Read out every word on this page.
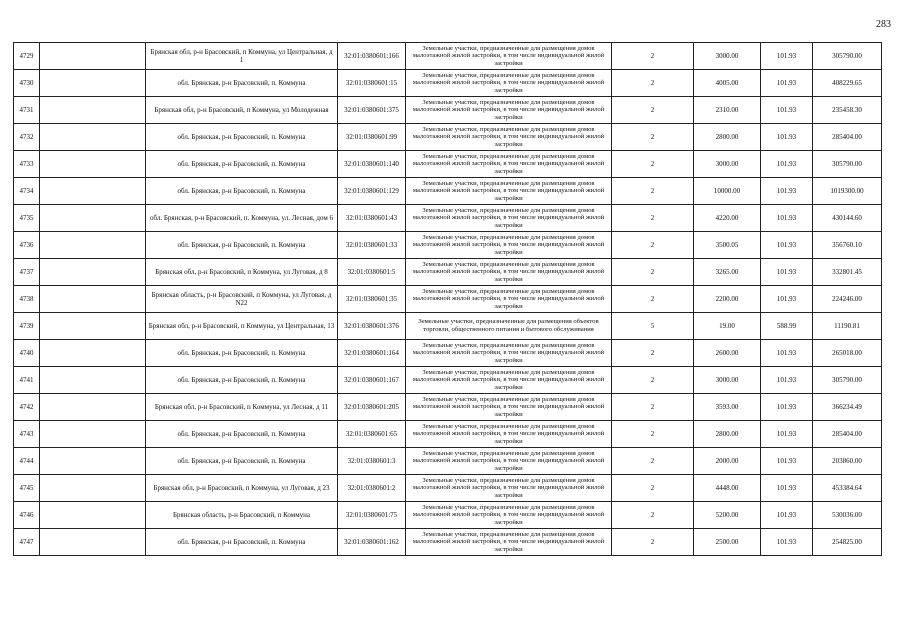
283
4729		Брянская обл, р-н Брасовский, п Коммуна, ул Центральная, д 1	32:01:0380601:166	Земельные участки, предназначенные для размещения домов малоэтажной жилой застройки, в том числе индивидуальной жилой застройки	2	3000.00	101.93	305790.00
4730		обл. Брянская, р-н Брасовский, п. Коммуна	32:01:0380601:15	Земельные участки, предназначенные для размещения домов малоэтажной жилой застройки, в том числе индивидуальной жилой застройки	2	4005.00	101.93	408229.65
4731		Брянская обл, р-н Брасовский, п Коммуна, ул Молодежная	32:01:0380601:375	Земельные участки, предназначенные для размещения домов малоэтажной жилой застройки, в том числе индивидуальной жилой застройки	2	2310.00	101.93	235458.30
4732		обл. Брянская, р-н Брасовский, п. Коммуна	32:01:0380601:99	Земельные участки, предназначенные для размещения домов малоэтажной жилой застройки, в том числе индивидуальной жилой застройки	2	2800.00	101.93	285404.00
4733		обл. Брянская, р-н Брасовский, п. Коммуна	32:01:0380601:140	Земельные участки, предназначенные для размещения домов малоэтажной жилой застройки, в том числе индивидуальной жилой застройки	2	3000.00	101.93	305790.00
4734		обл. Брянская, р-н Брасовский, п. Коммуна	32:01:0380601:129	Земельные участки, предназначенные для размещения домов малоэтажной жилой застройки, в том числе индивидуальной жилой застройки	2	10000.00	101.93	1019300.00
4735		обл. Брянская, р-н Брасовский, п. Коммуна, ул. Лесная, дом 6	32:01:0380601:43	Земельные участки, предназначенные для размещения домов малоэтажной жилой застройки, в том числе индивидуальной жилой застройки	2	4220.00	101.93	430144.60
4736		обл. Брянская, р-н Брасовский, п. Коммуна	32:01:0380601:33	Земельные участки, предназначенные для размещения домов малоэтажной жилой застройки, в том числе индивидуальной жилой застройки	2	3500.05	101.93	356760.10
4737		Брянская обл, р-н Брасовский, п Коммуна, ул Луговая, д 8	32:01:0380601:5	Земельные участки, предназначенные для размещения домов малоэтажной жилой застройки, в том числе индивидуальной жилой застройки	2	3265.00	101.93	332801.45
4738		Брянская область, р-н Брасовский, п Коммуна, ул Луговая, д N22	32:01:0380601:35	Земельные участки, предназначенные для размещения домов малоэтажной жилой застройки, в том числе индивидуальной жилой застройки	2	2200.00	101.93	224246.00
4739		Брянская обл, р-н Брасовский, п Коммуна, ул Центральная, 13	32:01:0380601:376	Земельные участки, предназначенные для размещения объектов торговли, общественного питания и бытового обслуживания	5	19.00	588.99	11190.81
4740		обл. Брянская, р-н Брасовский, п. Коммуна	32:01:0380601:164	Земельные участки, предназначенные для размещения домов малоэтажной жилой застройки, в том числе индивидуальной жилой застройки	2	2600.00	101.93	265018.00
4741		обл. Брянская, р-н Брасовский, п. Коммуна	32:01:0380601:167	Земельные участки, предназначенные для размещения домов малоэтажной жилой застройки, в том числе индивидуальной жилой застройки	2	3000.00	101.93	305790.00
4742		Брянская обл, р-н Брасовский, п Коммуна, ул Лесная, д 11	32:01:0380601:205	Земельные участки, предназначенные для размещения домов малоэтажной жилой застройки, в том числе индивидуальной жилой застройки	2	3593.00	101.93	366234.49
4743		обл. Брянская, р-н Брасовский, п. Коммуна	32:01:0380601:65	Земельные участки, предназначенные для размещения домов малоэтажной жилой застройки, в том числе индивидуальной жилой застройки	2	2800.00	101.93	285404.00
4744		обл. Брянская, р-н Брасовский, п. Коммуна	32:01:0380601:3	Земельные участки, предназначенные для размещения домов малоэтажной жилой застройки, в том числе индивидуальной жилой застройки	2	2000.00	101.93	203860.00
4745		Брянская обл, р-н Брасовский, п Коммуна, ул Луговая, д 23	32:01:0380601:2	Земельные участки, предназначенные для размещения домов малоэтажной жилой застройки, в том числе индивидуальной жилой застройки	2	4448.00	101.93	453384.64
4746		Брянская область, р-н Брасовский, п Коммуна	32:01:0380601:75	Земельные участки, предназначенные для размещения домов малоэтажной жилой застройки, в том числе индивидуальной жилой застройки	2	5200.00	101.93	530036.00
4747		обл. Брянская, р-н Брасовский, п. Коммуна	32:01:0380601:162	Земельные участки, предназначенные для размещения домов малоэтажной жилой застройки, в том числе индивидуальной жилой застройки	2	2500.00	101.93	254825.00
